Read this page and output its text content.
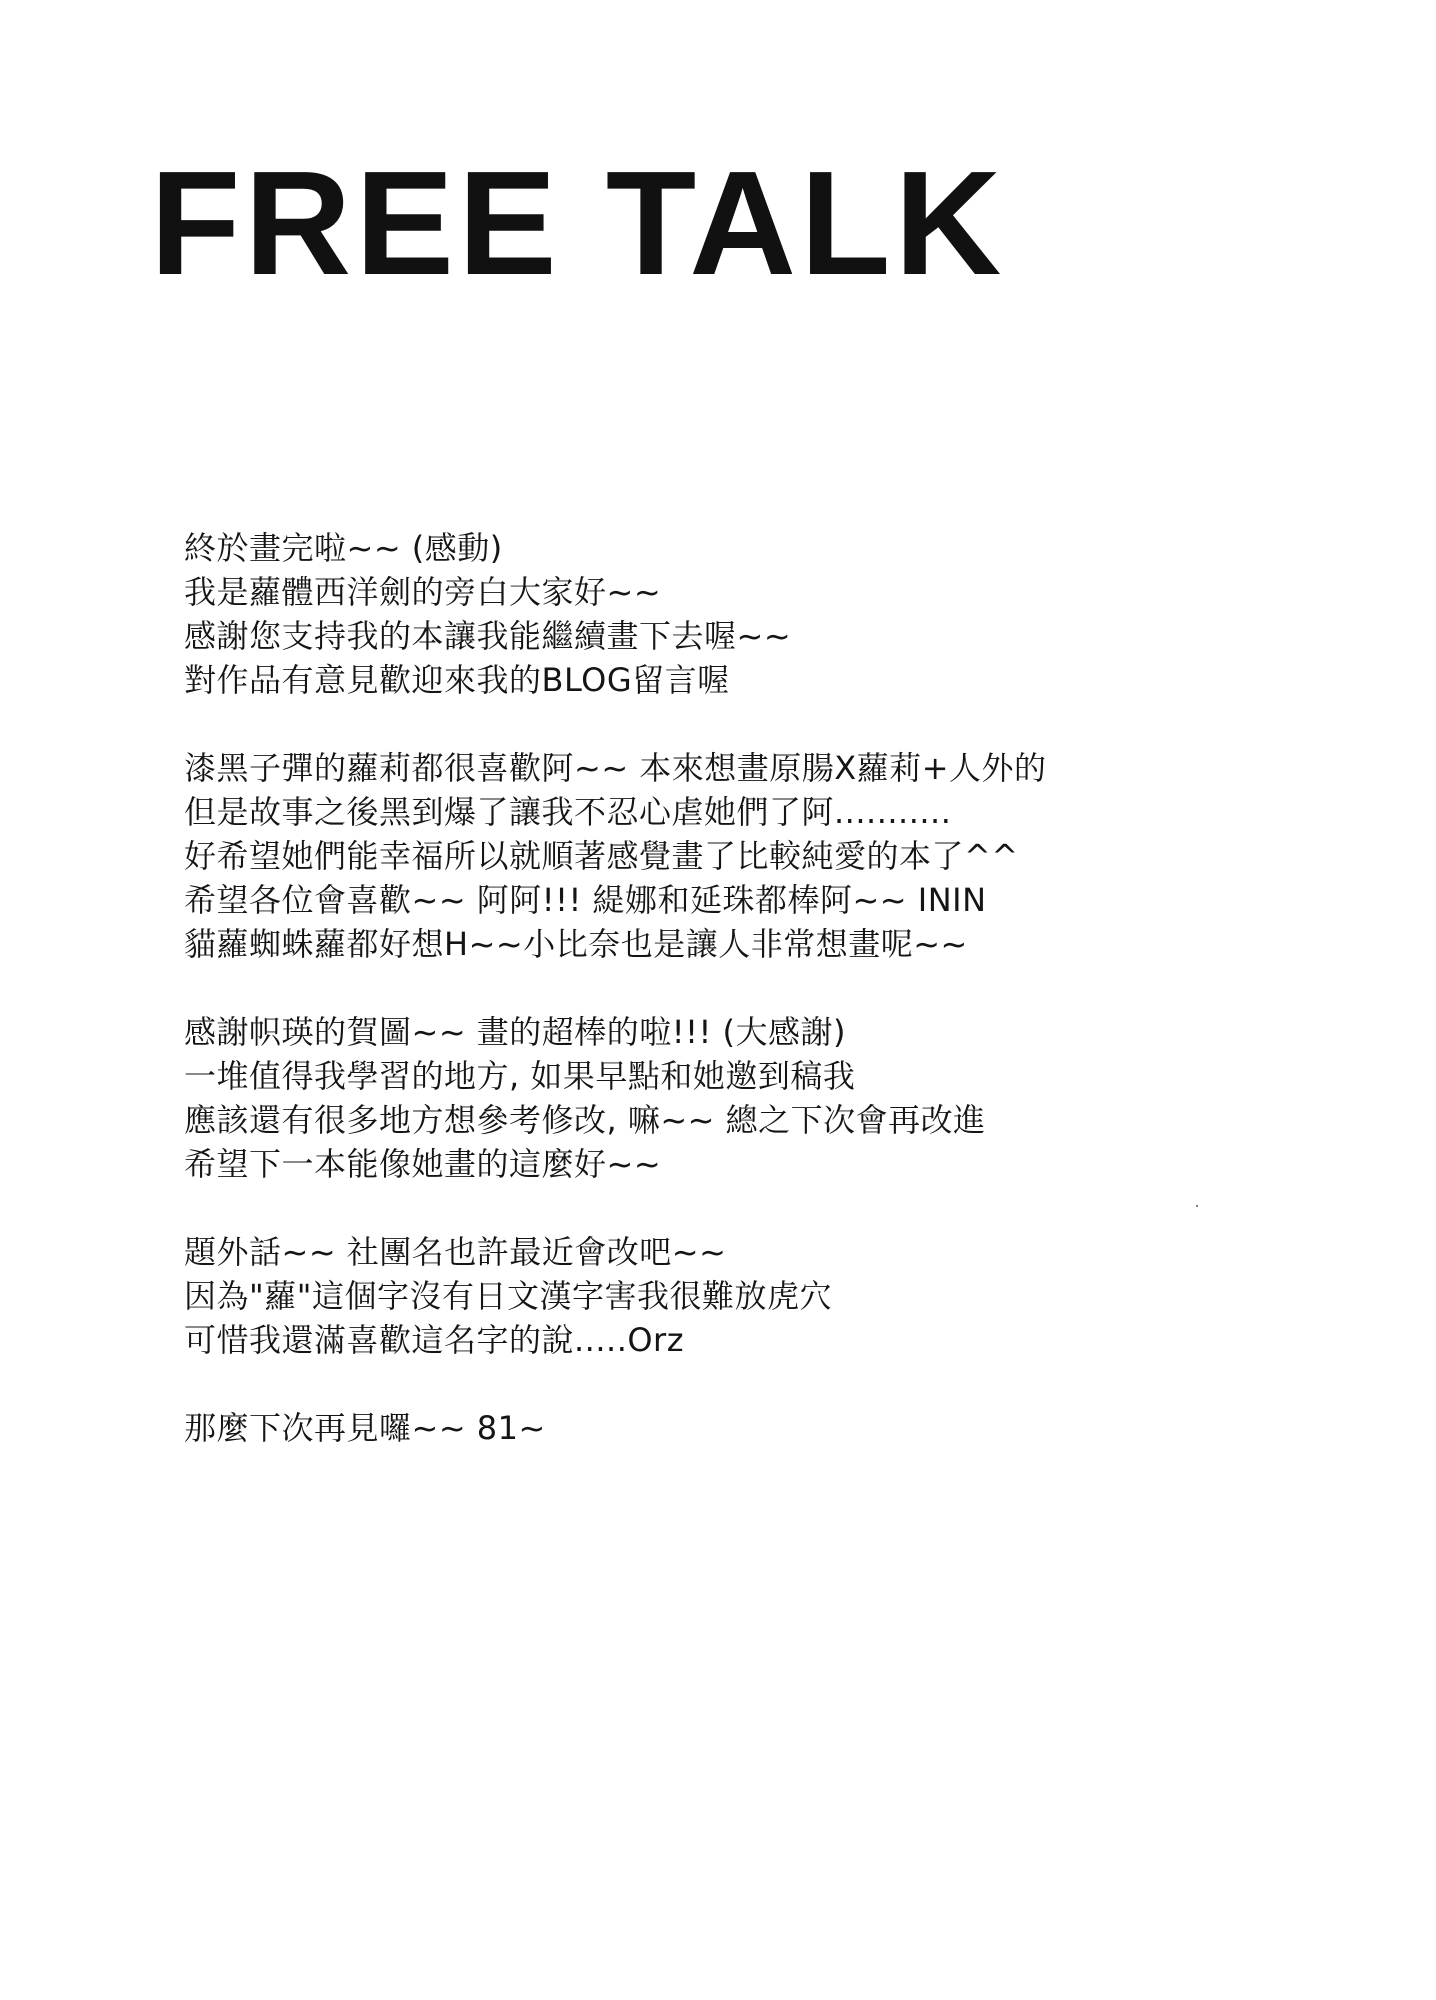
FREE TALK
終於畫完啦~~ (感動)
我是蘿體西洋劍的旁白大家好~~
感謝您支持我的本讓我能繼續畫下去喔~~
對作品有意見歡迎來我的BLOG留言喔
漆黑子彈的蘿莉都很喜歡阿~~ 本來想畫原腸X蘿莉+人外的
但是故事之後黑到爆了讓我不忍心虐她們了阿...........
好希望她們能幸福所以就順著感覺畫了比較純愛的本了^^
希望各位會喜歡~~ 阿阿!!! 緹娜和延珠都棒阿~~ ININ
貓蘿蜘蛛蘿都好想H~~小比奈也是讓人非常想畫呢~~
感謝帜瑛的賀圖~~ 畫的超棒的啦!!! (大感謝)
一堆值得我學習的地方, 如果早點和她邀到稿我
應該還有很多地方想參考修改, 嘛~~ 總之下次會再改進
希望下一本能像她畫的這麼好~~
題外話~~ 社團名也許最近會改吧~~
因為"蘿"這個字沒有日文漢字害我很難放虎穴
可惜我還滿喜歡這名字的說.....Orz
那麼下次再見囉~~ 81~
